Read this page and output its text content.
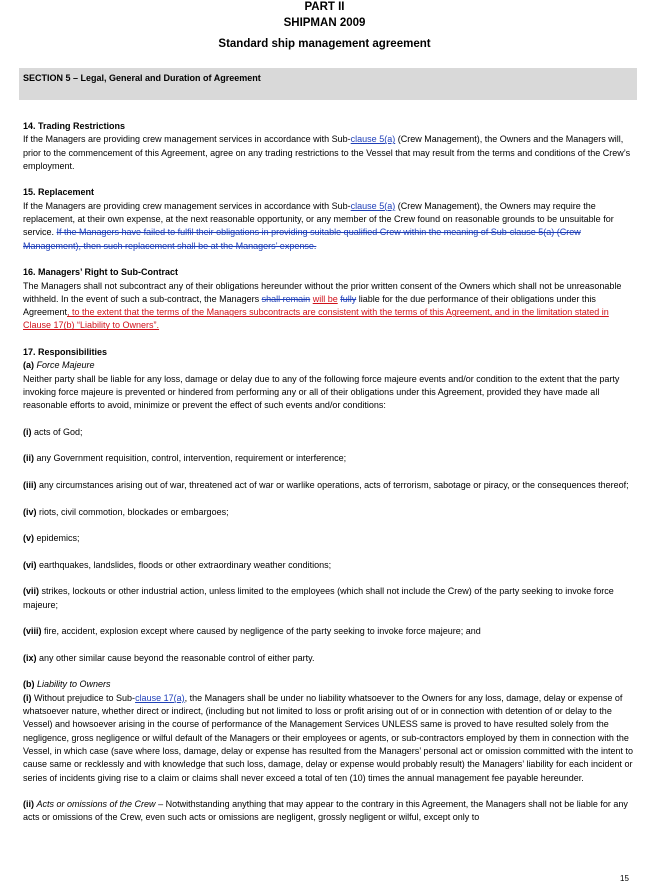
PART II
SHIPMAN 2009
Standard ship management agreement
SECTION 5 – Legal, General and Duration of Agreement

14. Trading Restrictions

If the Managers are providing crew management services in accordance with Sub-clause 5(a) (Crew Management), the Owners and the Managers will, prior to the commencement of this Agreement, agree on any trading restrictions to the Vessel that may result from the terms and conditions of the Crew’s employment.

15. Replacement

If the Managers are providing crew management services in accordance with Sub-clause 5(a) (Crew Management), the Owners may require the replacement, at their own expense, at the next reasonable opportunity, or any member of the Crew found on reasonable grounds to be unsuitable for service. If the Managers have failed to fulfil their obligations in providing suitable qualified Crew within the meaning of Sub-clause 5(a) (Crew Management), then such replacement shall be at the Managers’ expense.

16. Managers’ Right to Sub-Contract

The Managers shall not subcontract any of their obligations hereunder without the prior written consent of the Owners which shall not be unreasonable withheld. In the event of such a sub-contract, the Managers shall remain will be fully liable for the due performance of their obligations under this Agreement, to the extent that the terms of the Managers subcontracts are consistent with the terms of this Agreement, and in the limitation stated in Clause 17(b) “Liability to Owners”.

17. Responsibilities

(a) Force Majeure

Neither party shall be liable for any loss, damage or delay due to any of the following force majeure events and/or condition to the extent that the party invoking force majeure is prevented or hindered from performing any or all of their obligations under this Agreement, provided they have made all reasonable efforts to avoid, minimize or prevent the effect of such events and/or conditions:

(i) acts of God;

(ii) any Government requisition, control, intervention, requirement or interference;

(iii) any circumstances arising out of war, threatened act of war or warlike operations, acts of terrorism, sabotage or piracy, or the consequences thereof;

(iv) riots, civil commotion, blockades or embargoes;

(v) epidemics;

(vi) earthquakes, landslides, floods or other extraordinary weather conditions;

(vii) strikes, lockouts or other industrial action, unless limited to the employees (which shall not include the Crew) of the party seeking to invoke force majeure;

(viii) fire, accident, explosion except where caused by negligence of the party seeking to invoke force majeure; and

(ix) any other similar cause beyond the reasonable control of either party.

(b) Liability to Owners

(i) Without prejudice to Sub-clause 17(a), the Managers shall be under no liability whatsoever to the Owners for any loss, damage, delay or expense of whatsoever nature, whether direct or indirect, (including but not limited to loss or profit arising out of or in connection with detention of or delay to the Vessel) and howsoever arising in the course of performance of the Management Services UNLESS same is proved to have resulted solely from the negligence, gross negligence or wilful default of the Managers or their employees or agents, or sub-contractors employed by them in connection with the Vessel, in which case (save where loss, damage, delay or expense has resulted from the Managers’ personal act or omission committed with the intent to cause same or recklessly and with knowledge that such loss, damage, delay or expense would probably result) the Managers’ liability for each incident or series of incidents giving rise to a claim or claims shall never exceed a total of ten (10) times the annual management fee payable hereunder.

(ii) Acts or omissions of the Crew – Notwithstanding anything that may appear to the contrary in this Agreement, the Managers shall not be liable for any acts or omissions of the Crew, even such acts or omissions are negligent, grossly negligent or wilful, except only to

15
